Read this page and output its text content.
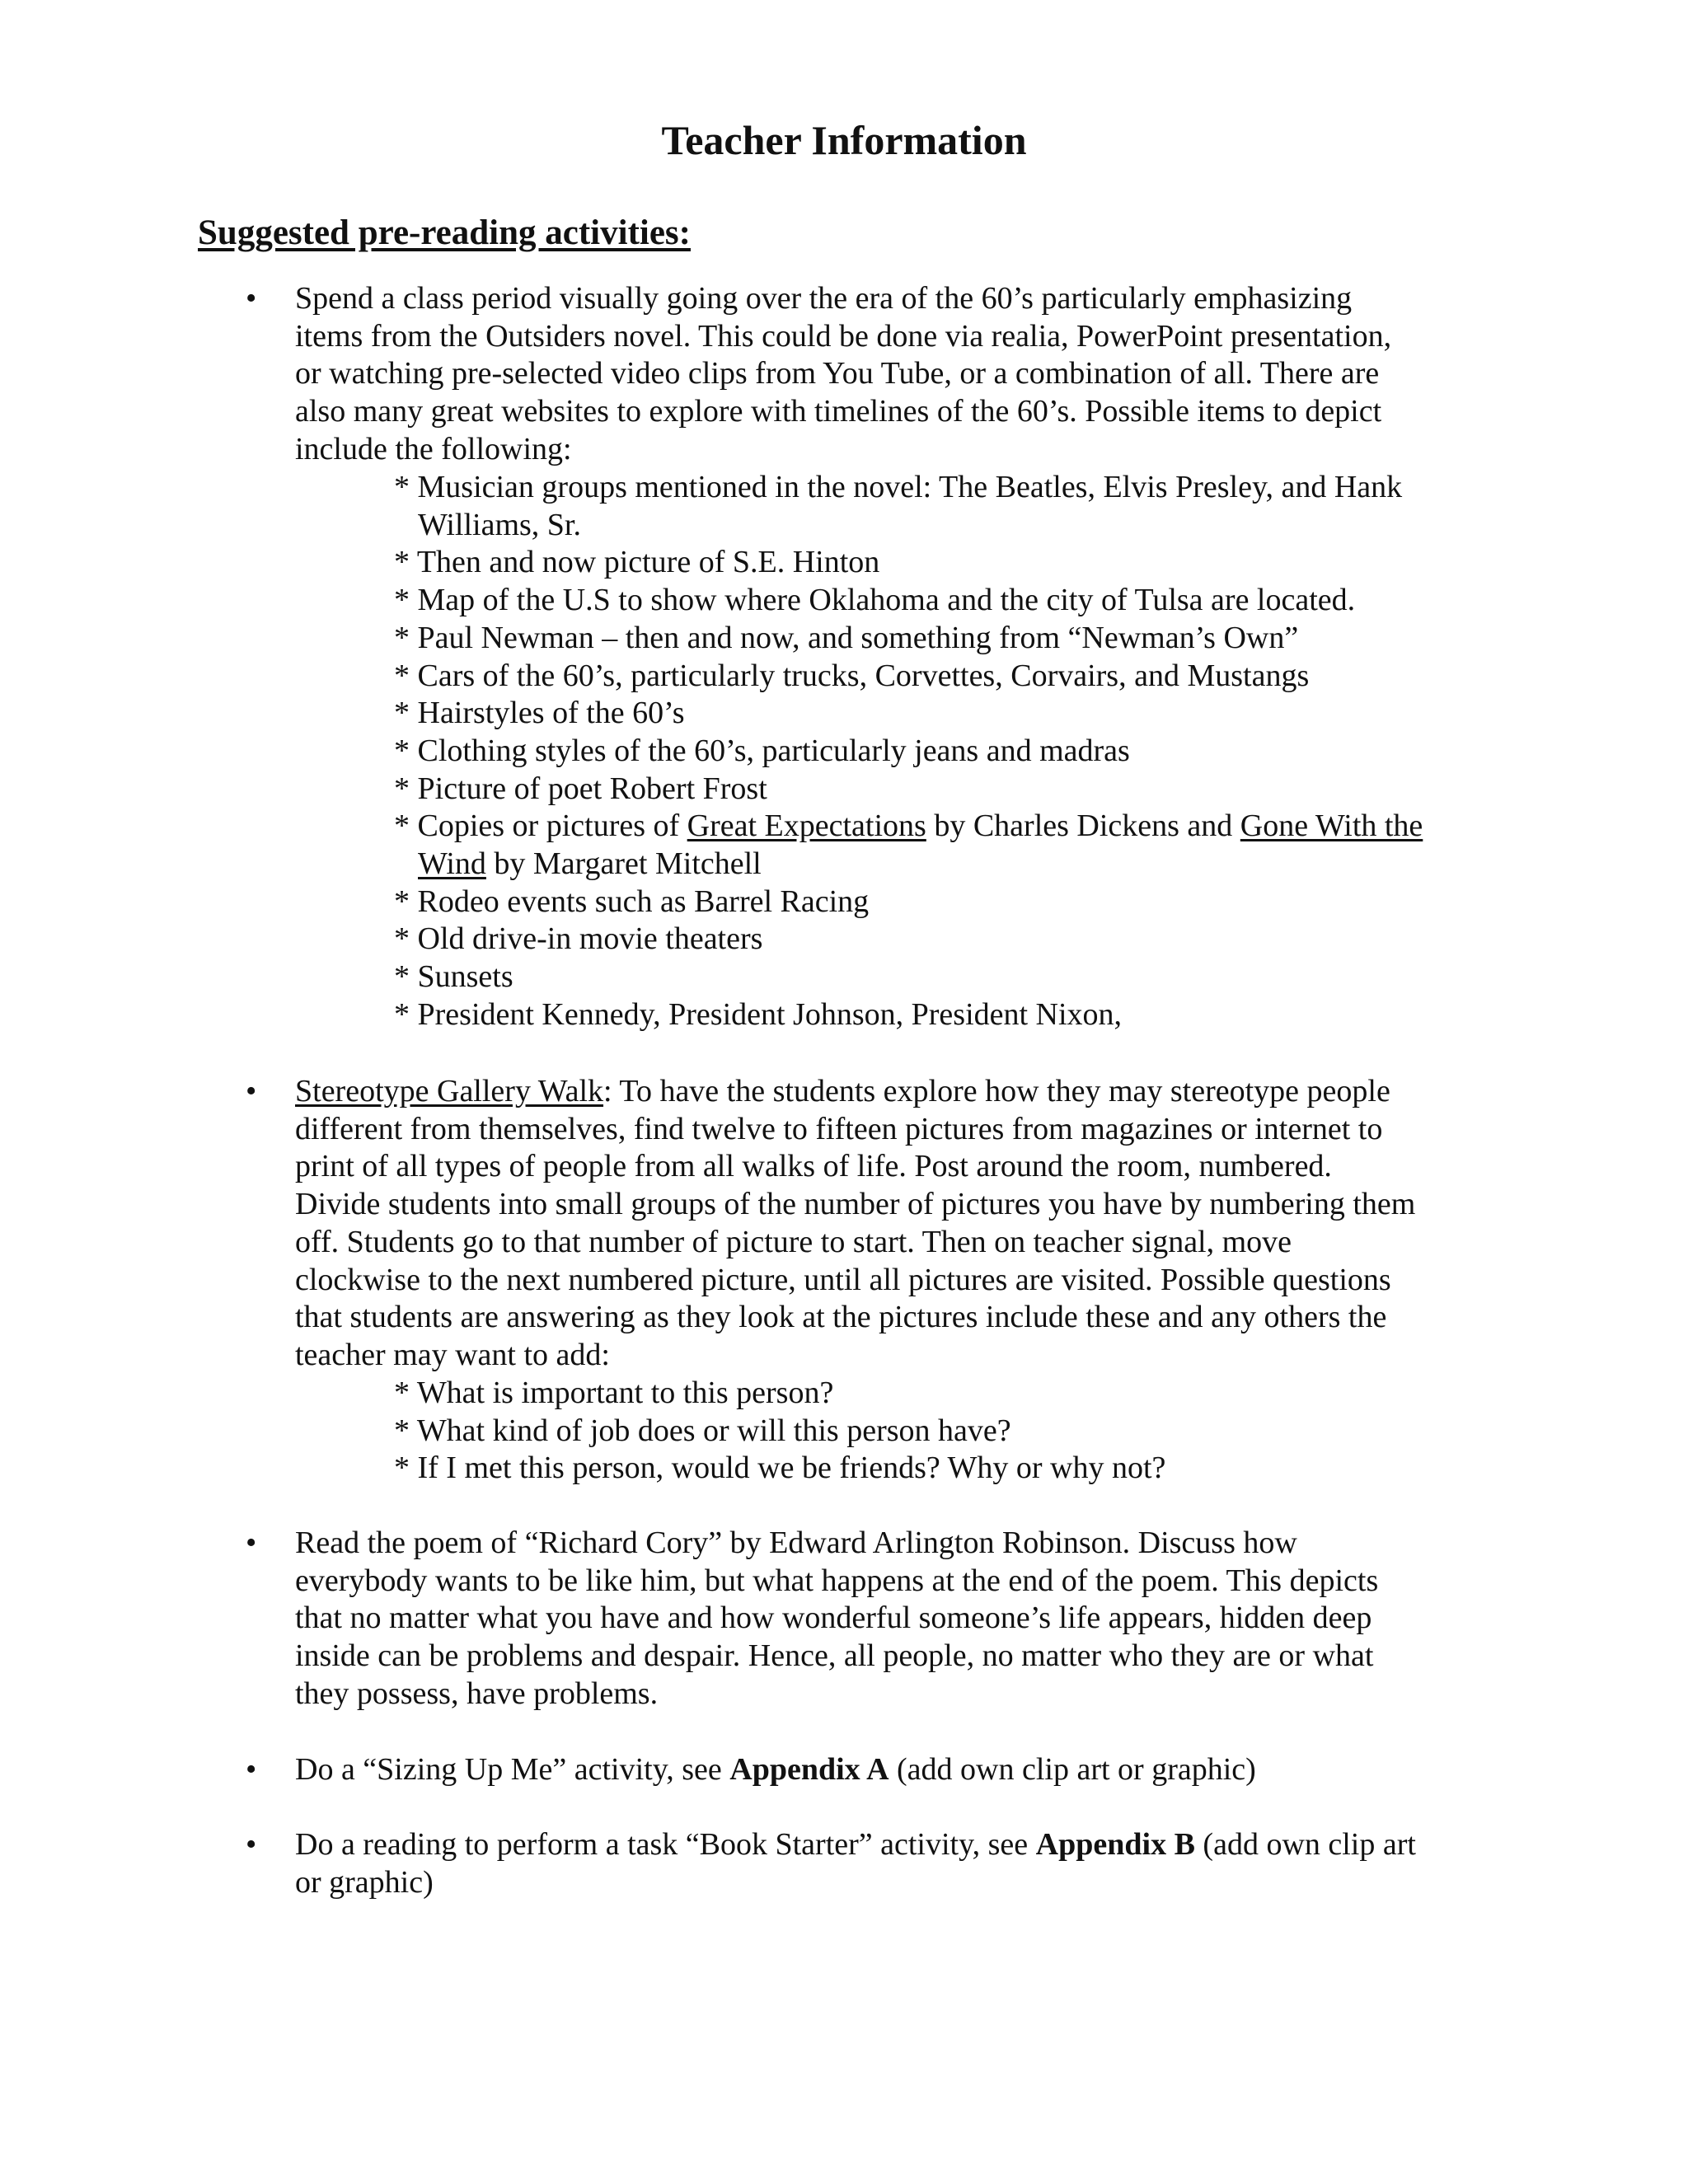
Teacher Information
Suggested pre-reading activities:
• Spend a class period visually going over the era of the 60’s particularly emphasizing
items from the Outsiders novel. This could be done via realia, PowerPoint presentation,
or watching pre-selected video clips from You Tube, or a combination of all. There are
also many great websites to explore with timelines of the 60’s. Possible items to depict
include the following:
* Musician groups mentioned in the novel: The Beatles, Elvis Presley, and Hank
Williams, Sr.
* Then and now picture of S.E. Hinton
* Map of the U.S to show where Oklahoma and the city of Tulsa are located.
* Paul Newman – then and now, and something from “Newman’s Own”
* Cars of the 60’s, particularly trucks, Corvettes, Corvairs, and Mustangs
* Hairstyles of the 60’s
* Clothing styles of the 60’s, particularly jeans and madras
* Picture of poet Robert Frost
* Copies or pictures of Great Expectations by Charles Dickens and Gone With the
Wind by Margaret Mitchell
* Rodeo events such as Barrel Racing
* Old drive-in movie theaters
* Sunsets
* President Kennedy, President Johnson, President Nixon,
• Stereotype Gallery Walk: To have the students explore how they may stereotype people
different from themselves, find twelve to fifteen pictures from magazines or internet to
print of all types of people from all walks of life. Post around the room, numbered.
Divide students into small groups of the number of pictures you have by numbering them
off. Students go to that number of picture to start. Then on teacher signal, move
clockwise to the next numbered picture, until all pictures are visited. Possible questions
that students are answering as they look at the pictures include these and any others the
teacher may want to add:
* What is important to this person?
* What kind of job does or will this person have?
* If I met this person, would we be friends? Why or why not?
• Read the poem of “Richard Cory” by Edward Arlington Robinson. Discuss how
everybody wants to be like him, but what happens at the end of the poem. This depicts
that no matter what you have and how wonderful someone’s life appears, hidden deep
inside can be problems and despair. Hence, all people, no matter who they are or what
they possess, have problems.
• Do a “Sizing Up Me” activity, see Appendix A (add own clip art or graphic)
• Do a reading to perform a task “Book Starter” activity, see Appendix B (add own clip art
or graphic)
